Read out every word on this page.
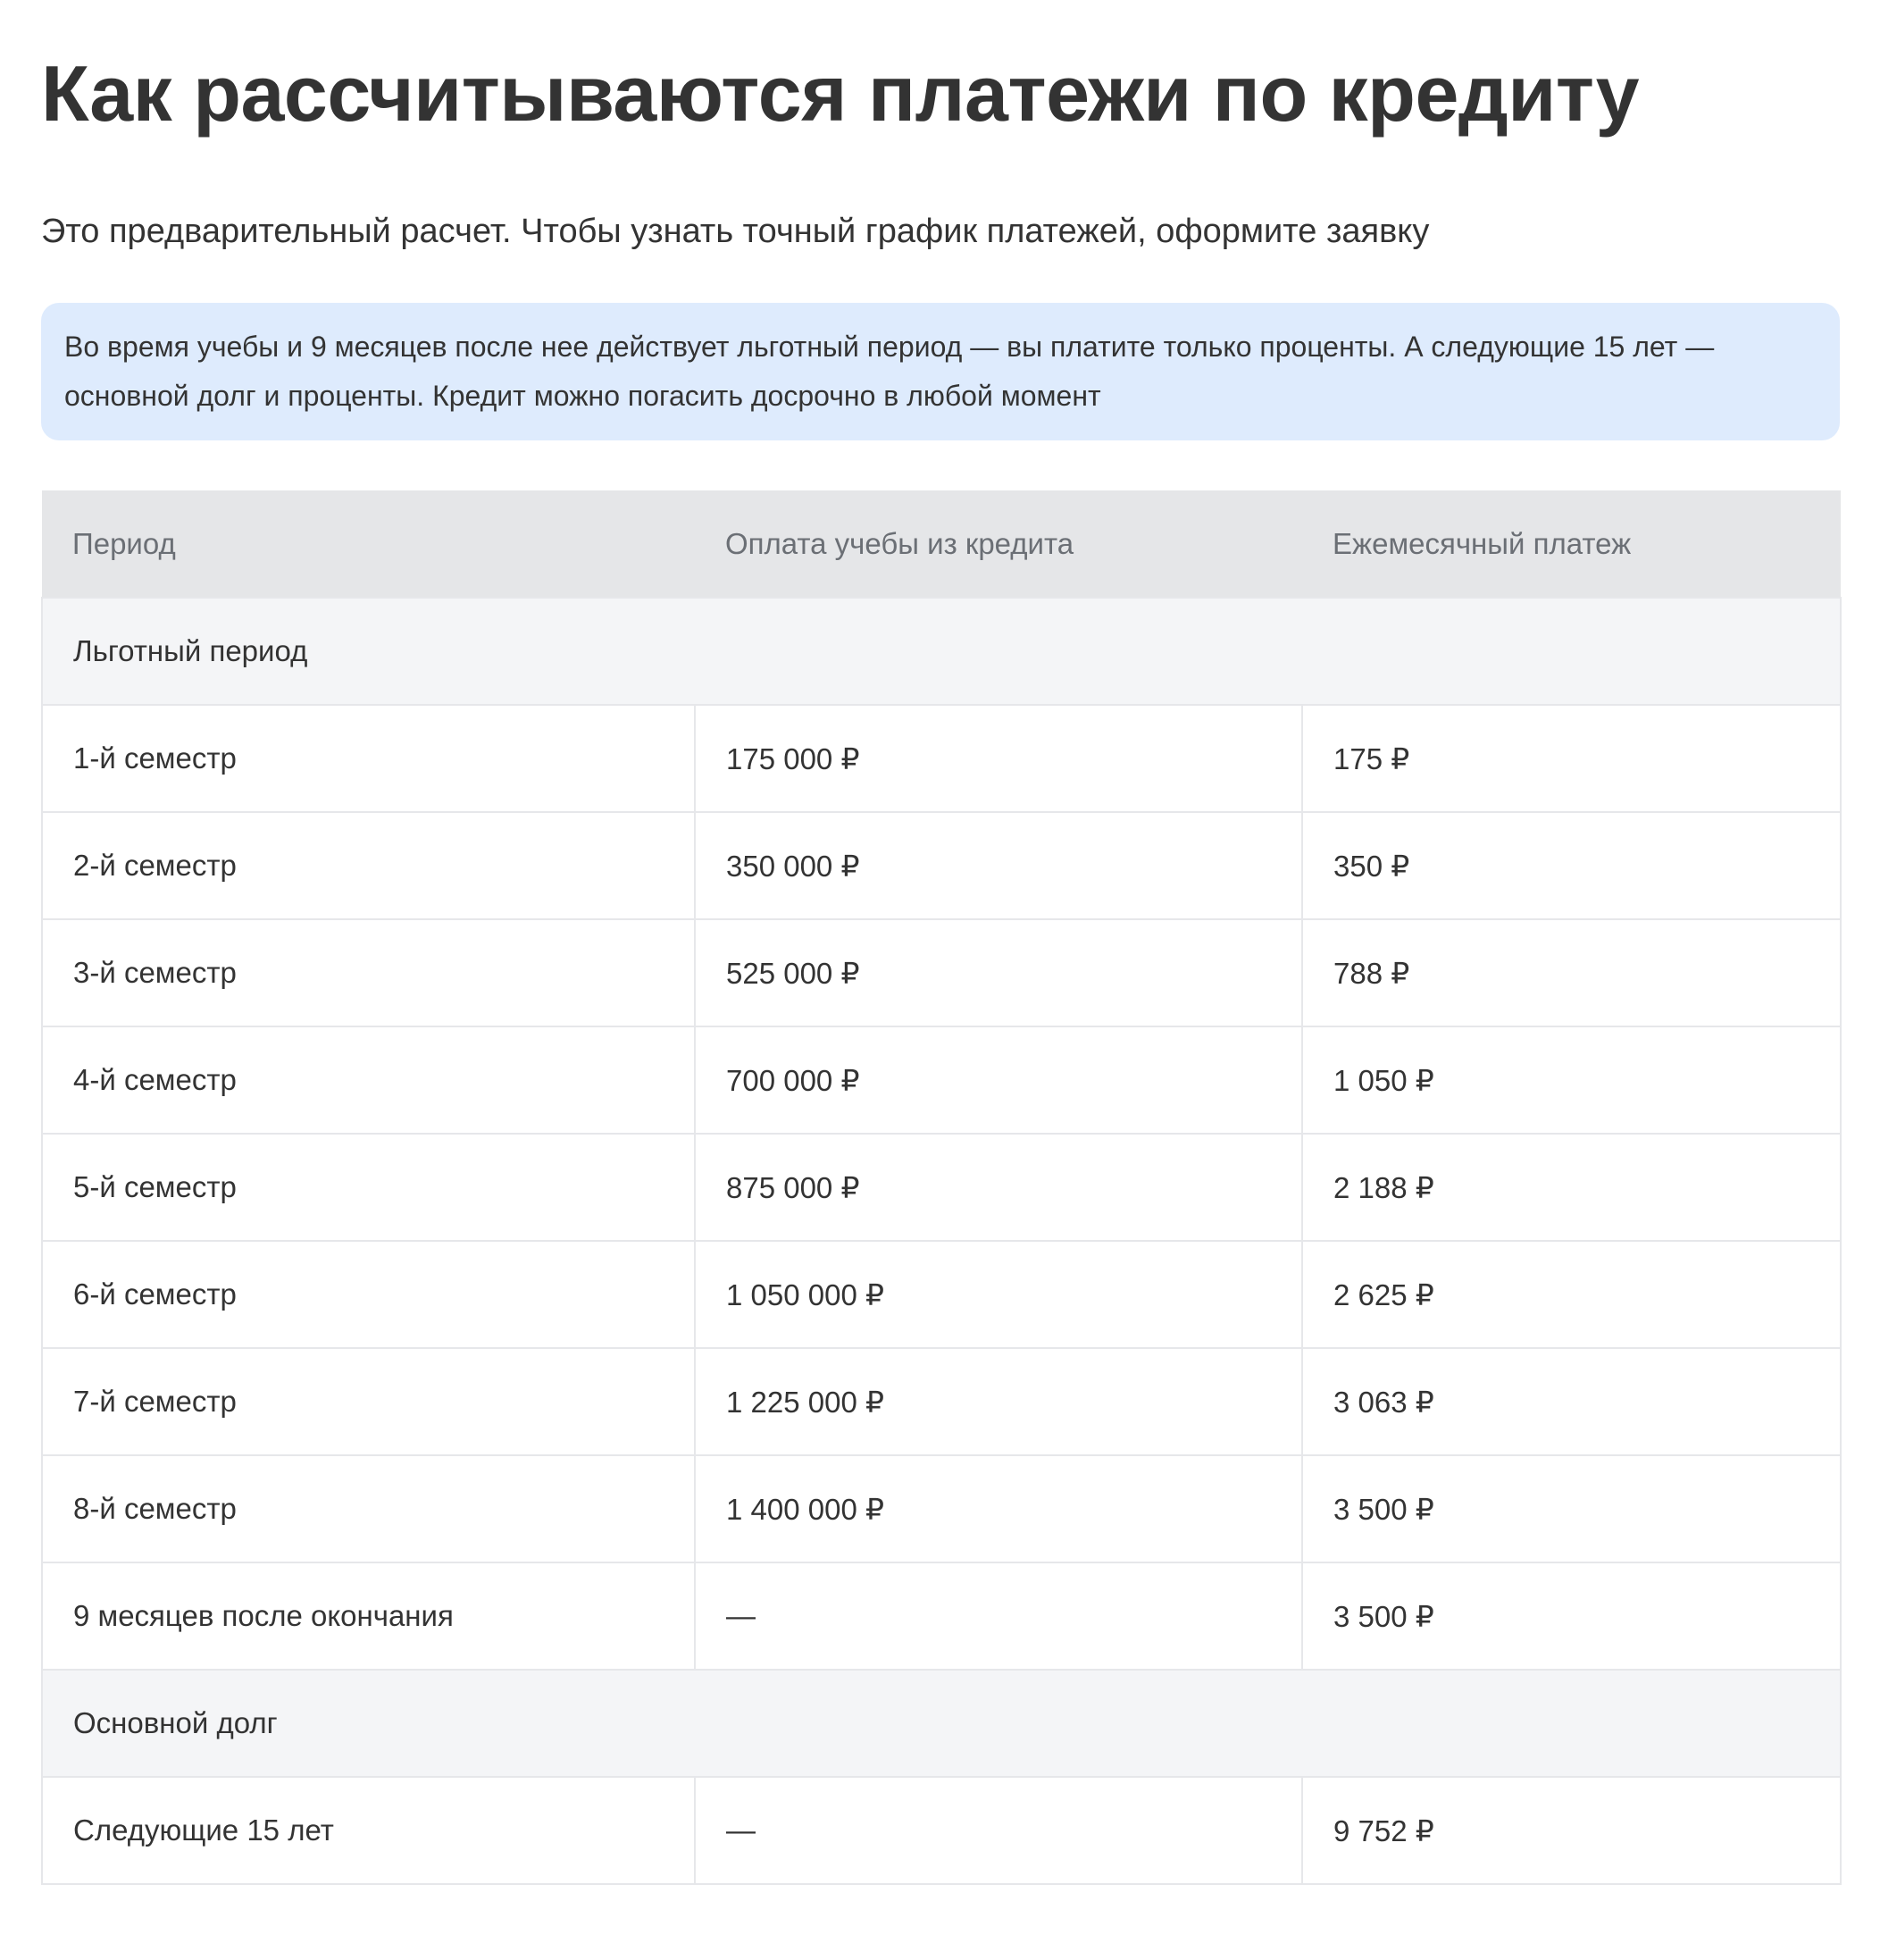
Как рассчитываются платежи по кредиту

Это предварительный расчет. Чтобы узнать точный график платежей, оформите заявку

Во время учебы и 9 месяцев после нее действует льготный период — вы платите только проценты. А следующие 15 лет — основной долг и проценты. Кредит можно погасить досрочно в любой момент
Период	Оплата учебы из кредита	Ежемесячный платеж
Льготный период		
1-й семестр	175 000 ₽	175 ₽
2-й семестр	350 000 ₽	350 ₽
3-й семестр	525 000 ₽	788 ₽
4-й семестр	700 000 ₽	1 050 ₽
5-й семестр	875 000 ₽	2 188 ₽
6-й семестр	1 050 000 ₽	2 625 ₽
7-й семестр	1 225 000 ₽	3 063 ₽
8-й семестр	1 400 000 ₽	3 500 ₽
9 месяцев после окончания	—	3 500 ₽
Основной долг		
Следующие 15 лет	—	9 752 ₽
